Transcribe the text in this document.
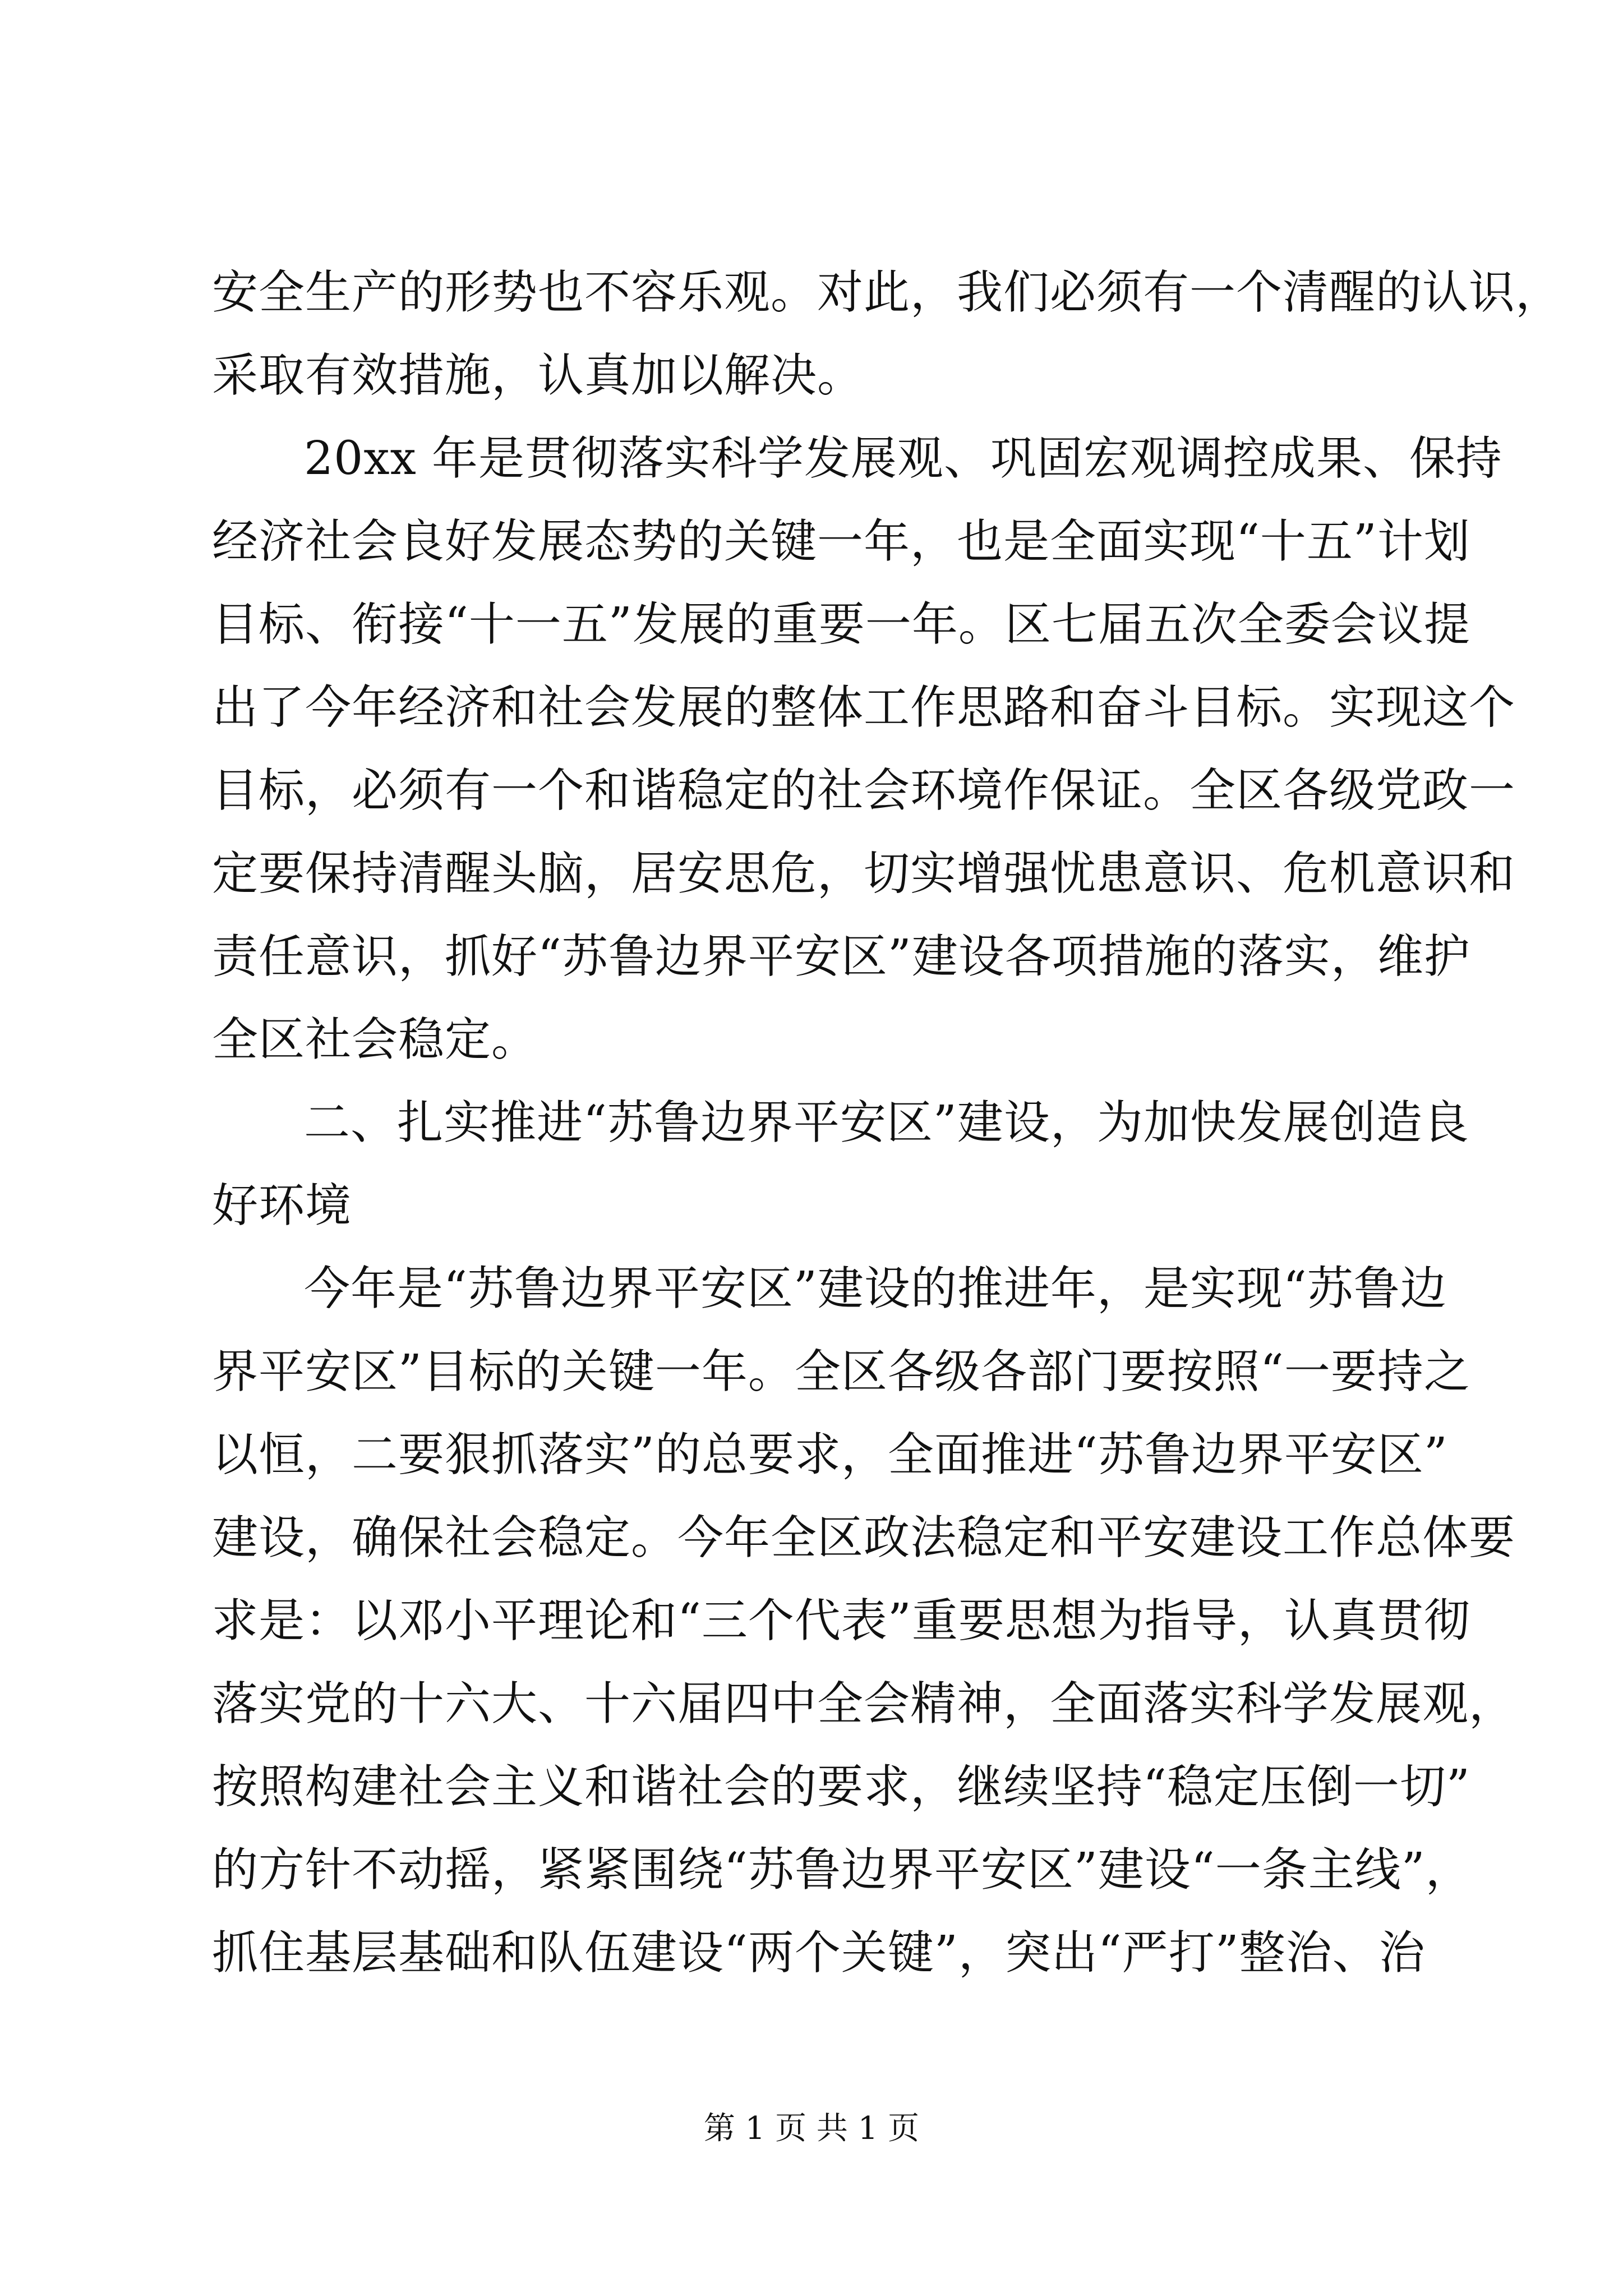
安全生产的形势也不容乐观。对此，我们必须有一个清醒的认识，
采取有效措施，认真加以解决。
20xx 年是贯彻落实科学发展观、巩固宏观调控成果、保持
经济社会良好发展态势的关键一年，也是全面实现“十五”计划
目标、衔接“十一五”发展的重要一年。区七届五次全委会议提
出了今年经济和社会发展的整体工作思路和奋斗目标。实现这个
目标，必须有一个和谐稳定的社会环境作保证。全区各级党政一
定要保持清醒头脑，居安思危，切实增强忧患意识、危机意识和
责任意识，抓好“苏鲁边界平安区”建设各项措施的落实，维护
全区社会稳定。
二、扎实推进“苏鲁边界平安区”建设，为加快发展创造良
好环境
今年是“苏鲁边界平安区”建设的推进年，是实现“苏鲁边
界平安区”目标的关键一年。全区各级各部门要按照“一要持之
以恒，二要狠抓落实”的总要求，全面推进“苏鲁边界平安区”
建设，确保社会稳定。今年全区政法稳定和平安建设工作总体要
求是：以邓小平理论和“三个代表”重要思想为指导，认真贯彻
落实党的十六大、十六届四中全会精神，全面落实科学发展观，
按照构建社会主义和谐社会的要求，继续坚持“稳定压倒一切”
的方针不动摇，紧紧围绕“苏鲁边界平安区”建设“一条主线”，
抓住基层基础和队伍建设“两个关键”，突出“严打”整治、治
第 1 页 共 1 页
